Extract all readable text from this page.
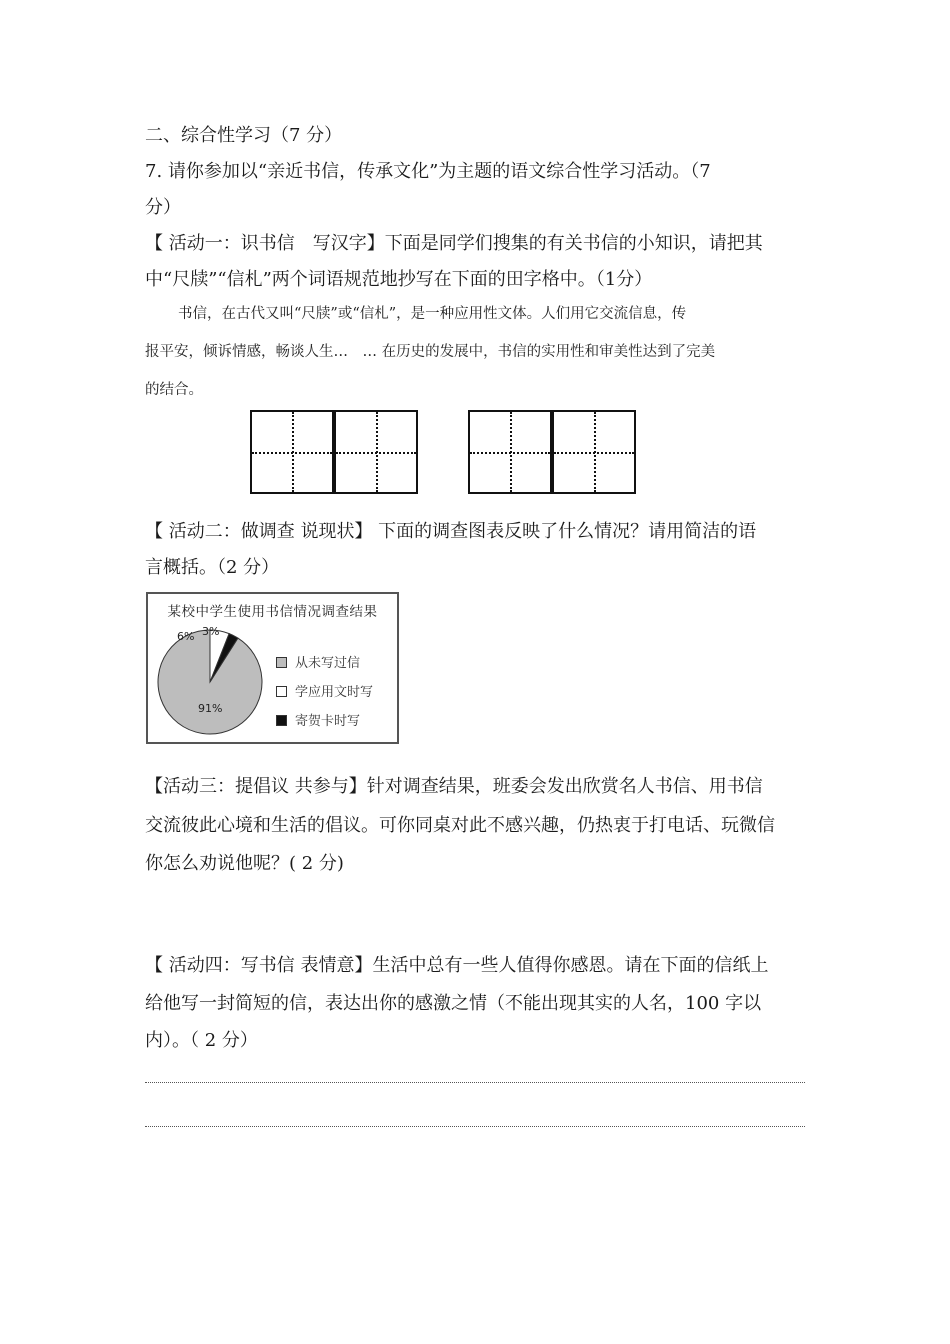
二、综合性学习（7 分）
7. 请你参加以“亲近书信，传承文化”为主题的语文综合性学习活动。（7
分）
【 活动一：识书信　写汉字】下面是同学们搜集的有关书信的小知识，请把其
中“尺牍”“信札”两个词语规范地抄写在下面的田字格中。（1分）
书信，在古代又叫“尺牍”或“信札”，是一种应用性文体。人们用它交流信息，传
报平安，倾诉情感，畅谈人生…　… 在历史的发展中，书信的实用性和审美性达到了完美
的结合。
【 活动二：做调查 说现状】 下面的调查图表反映了什么情况？请用简洁的语
言概括。（2 分）
某校中学生使用书信情况调查结果
6% 3%
91%
从未写过信
学应用文时写
寄贺卡时写
【活动三：提倡议 共参与】针对调查结果，班委会发出欣赏名人书信、用书信
交流彼此心境和生活的倡议。可你同桌对此不感兴趣，仍热衷于打电话、玩微信
你怎么劝说他呢？( 2 分)
【 活动四：写书信 表情意】生活中总有一些人值得你感恩。请在下面的信纸上
给他写一封简短的信，表达出你的感激之情（不能出现其实的人名，100 字以
内）。（ 2 分）
